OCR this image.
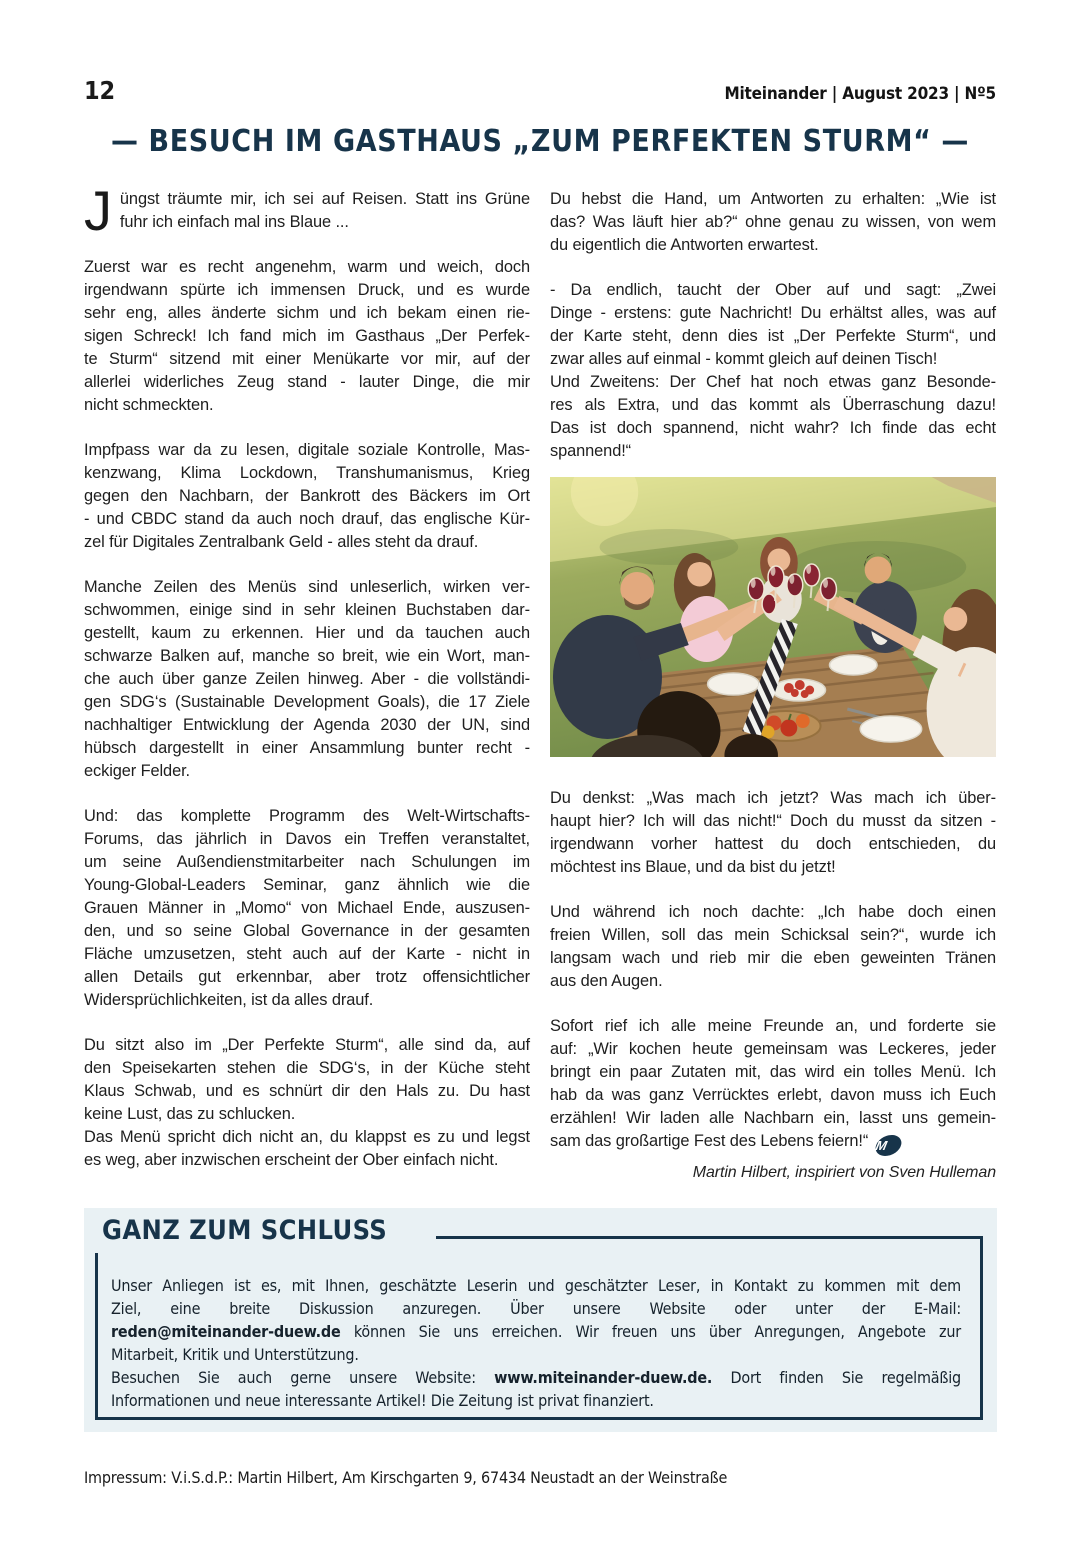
12	Miteinander | August 2023 | Nº5
— BESUCH IM GASTHAUS „ZUM PERFEKTEN STURM“ —
J üngst träumte mir, ich sei auf Reisen. Statt ins Grüne
fuhr ich einfach mal ins Blaue ...
Zuerst war es recht angenehm, warm und weich, doch
irgendwann spürte ich immensen Druck, und es wurde
sehr eng, alles änderte sichm und ich bekam einen rie-
sigen Schreck! Ich fand mich im Gasthaus „Der Perfek-
te Sturm“ sitzend mit einer Menükarte vor mir, auf der
allerlei widerliches Zeug stand - lauter Dinge, die mir
nicht schmeckten.
Impfpass war da zu lesen, digitale soziale Kontrolle, Mas-
kenzwang, Klima Lockdown, Transhumanismus, Krieg
gegen den Nachbarn, der Bankrott des Bäckers im Ort
- und CBDC stand da auch noch drauf, das englische Kür-
zel für Digitales Zentralbank Geld - alles steht da drauf.
Manche Zeilen des Menüs sind unleserlich, wirken ver-
schwommen, einige sind in sehr kleinen Buchstaben dar-
gestellt, kaum zu erkennen. Hier und da tauchen auch
schwarze Balken auf, manche so breit, wie ein Wort, man-
che auch über ganze Zeilen hinweg. Aber - die vollständi-
gen SDG‘s (Sustainable Development Goals), die 17 Ziele
nachhaltiger Entwicklung der Agenda 2030 der UN, sind
hübsch dargestellt in einer Ansammlung bunter recht -
eckiger Felder.
Und: das komplette Programm des Welt-Wirtschafts-
Forums, das jährlich in Davos ein Treffen veranstaltet,
um seine Außendienstmitarbeiter nach Schulungen im
Young-Global-Leaders Seminar, ganz ähnlich wie die
Grauen Männer in „Momo“ von Michael Ende, auszusen-
den, und so seine Global Governance in der gesamten
Fläche umzusetzen, steht auch auf der Karte - nicht in
allen Details gut erkennbar, aber trotz offensichtlicher
Widersprüchlichkeiten, ist da alles drauf.
Du sitzt also im „Der Perfekte Sturm“, alle sind da, auf
den Speisekarten stehen die SDG‘s, in der Küche steht
Klaus Schwab, und es schnürt dir den Hals zu. Du hast
keine Lust, das zu schlucken.
Das Menü spricht dich nicht an, du klappst es zu und legst
es weg, aber inzwischen erscheint der Ober einfach nicht.
Du hebst die Hand, um Antworten zu erhalten: „Wie ist
das? Was läuft hier ab?“ ohne genau zu wissen, von wem
du eigentlich die Antworten erwartest.
- Da endlich, taucht der Ober auf und sagt: „Zwei
Dinge - erstens: gute Nachricht! Du erhältst alles, was auf
der Karte steht, denn dies ist „Der Perfekte Sturm“, und
zwar alles auf einmal - kommt gleich auf deinen Tisch!
Und Zweitens: Der Chef hat noch etwas ganz Besonde-
res als Extra, und das kommt als Überraschung dazu!
Das ist doch spannend, nicht wahr? Ich finde das echt
spannend!“
Du denkst: „Was mach ich jetzt? Was mach ich über-
haupt hier? Ich will das nicht!“ Doch du musst da sitzen -
irgendwann vorher hattest du doch entschieden, du
möchtest ins Blaue, und da bist du jetzt!
Und während ich noch dachte: „Ich habe doch einen
freien Willen, soll das mein Schicksal sein?“, wurde ich
langsam wach und rieb mir die eben geweinten Tränen
aus den Augen.
Sofort rief ich alle meine Freunde an, und forderte sie
auf: „Wir kochen heute gemeinsam was Leckeres, jeder
bringt ein paar Zutaten mit, das wird ein tolles Menü. Ich
hab da was ganz Verrücktes erlebt, davon muss ich Euch
erzählen! Wir laden alle Nachbarn ein, lasst uns gemein-
sam das großartige Fest des Lebens feiern!“ M
Martin Hilbert, inspiriert von Sven Hulleman
GANZ ZUM SCHLUSS
Unser Anliegen ist es, mit Ihnen, geschätzte Leserin und geschätzter Leser, in Kontakt zu kommen mit dem
Ziel, eine breite Diskussion anzuregen. Über unsere Website oder unter der E-Mail:
reden@miteinander-duew.de können Sie uns erreichen. Wir freuen uns über Anregungen, Angebote zur
Mitarbeit, Kritik und Unterstützung.
Besuchen Sie auch gerne unsere Website: www.miteinander-duew.de. Dort finden Sie regelmäßig
Informationen und neue interessante Artikel! Die Zeitung ist privat finanziert.
Impressum: V.i.S.d.P.: Martin Hilbert, Am Kirschgarten 9, 67434 Neustadt an der Weinstraße
